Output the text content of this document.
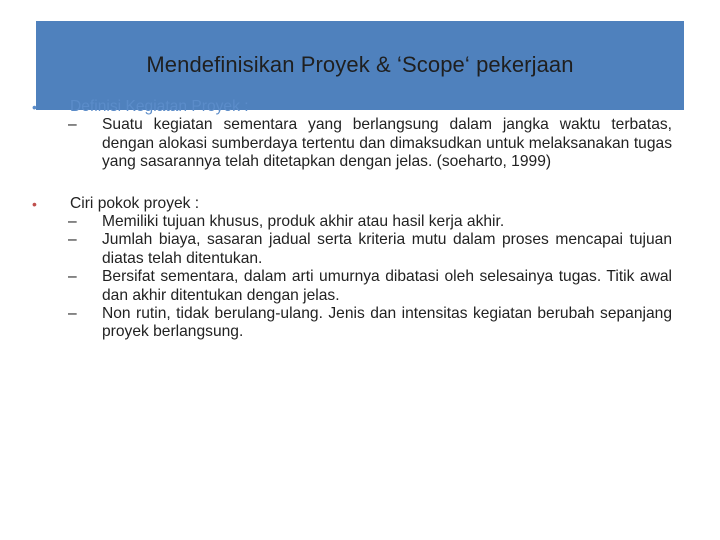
Mendefinisikan Proyek & ‘Scope‘ pekerjaan
•	Definisi Kegiatan Proyek :
–	Suatu kegiatan sementara yang berlangsung dalam jangka waktu terbatas, dengan alokasi sumberdaya tertentu dan dimaksudkan untuk melaksanakan tugas yang sasarannya telah ditetapkan dengan jelas. (soeharto, 1999)
•	Ciri pokok proyek :
–	Memiliki tujuan khusus, produk akhir atau hasil kerja akhir.
–	Jumlah biaya, sasaran jadual serta kriteria mutu dalam proses mencapai tujuan diatas telah ditentukan.
–	Bersifat sementara, dalam arti umurnya dibatasi oleh selesainya tugas. Titik awal dan akhir ditentukan dengan jelas.
–	Non rutin, tidak berulang-ulang. Jenis dan intensitas kegiatan berubah sepanjang proyek berlangsung.
